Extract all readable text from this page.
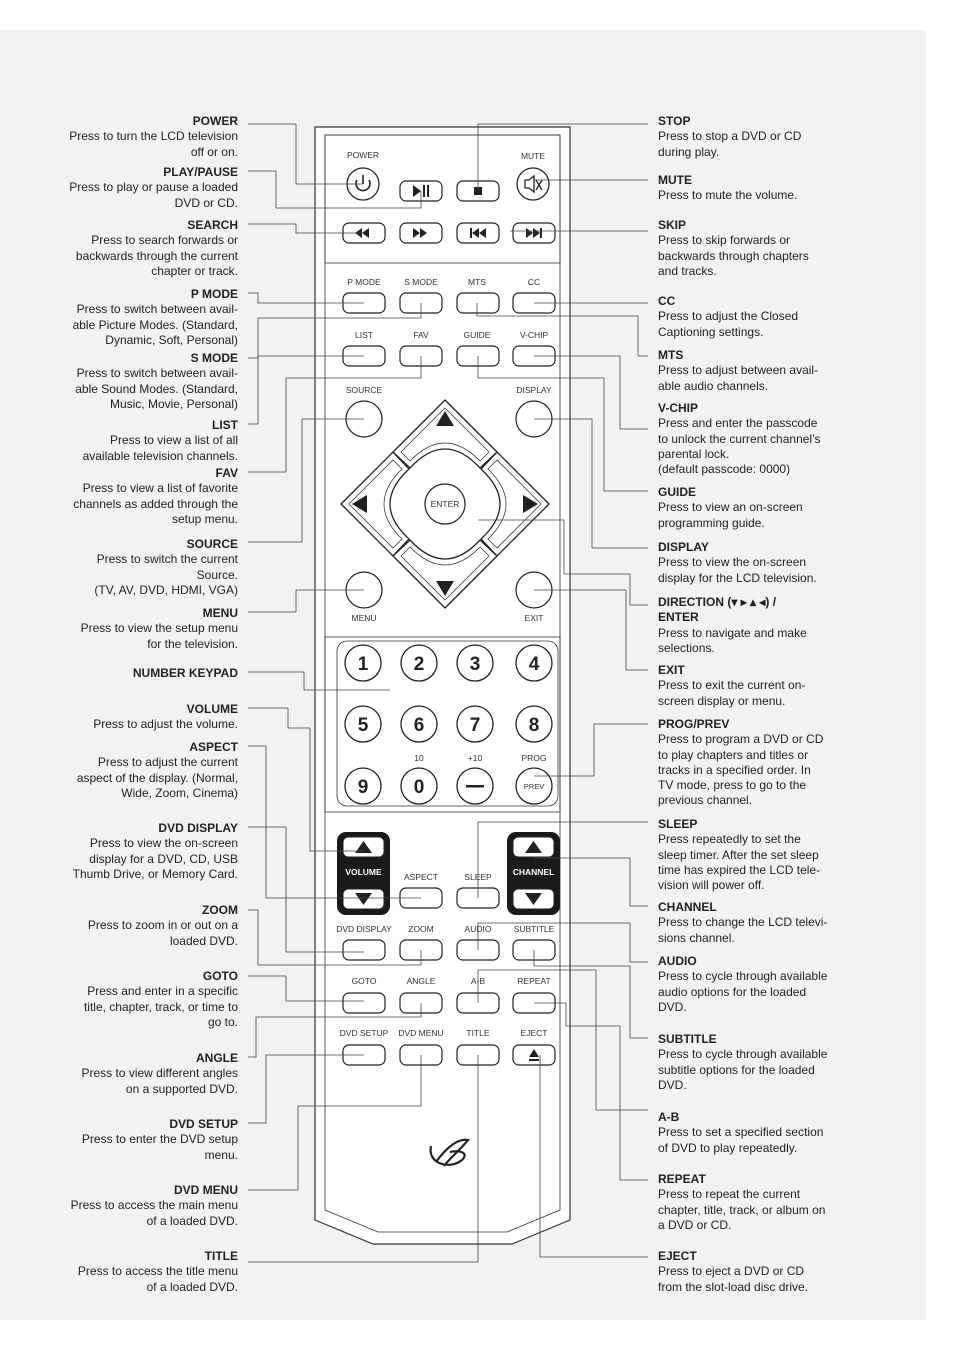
POWER	MUTE
P MODE	S MODE	MTS	CC
LIST	FAV	GUIDE	V-CHIP
SOURCE	DISPLAY
ENTER
MENU	EXIT
1 2 3	4
5 6 7	8
9 0	PREV
10	+10	PROG
VOLUME	CHANNEL
ASPECT	SLEEP
DVD DISPLAY ZOOM	AUDIO	SUBTITLE
GOTO	ANGLE	A-B	REPEAT
DVD SETUP DVD MENU	TITLE	EJECT
POWER
Press to turn the LCD television
off or on.
PLAY/PAUSE
Press to play or pause a loaded
DVD or CD.
SEARCH
Press to search forwards or
backwards through the current
chapter or track.
P MODE
Press to switch between avail-
able Picture Modes. (Standard,
Dynamic, Soft, Personal)
S MODE
Press to switch between avail-
able Sound Modes. (Standard,
Music, Movie, Personal)
LIST
Press to view a list of all
available television channels.
FAV
Press to view a list of favorite
channels as added through the
setup menu.
SOURCE
Press to switch the current
Source.
(TV, AV, DVD, HDMI, VGA)
MENU
Press to view the setup menu
for the television.
NUMBER KEYPAD
VOLUME
Press to adjust the volume.
ASPECT
Press to adjust the current
aspect of the display. (Normal,
Wide, Zoom, Cinema)
DVD DISPLAY
Press to view the on-screen
display for a DVD, CD, USB
Thumb Drive, or Memory Card.
ZOOM
Press to zoom in or out on a
loaded DVD.
GOTO
Press and enter in a specific
title, chapter, track, or time to
go to.
ANGLE
Press to view different angles
on a supported DVD.
DVD SETUP
Press to enter the DVD setup
menu.
DVD MENU
Press to access the main menu
of a loaded DVD.
TITLE
Press to access the title menu
of a loaded DVD.
STOP
Press to stop a DVD or CD
during play.
MUTE
Press to mute the volume.
SKIP
Press to skip forwards or
backwards through chapters
and tracks.
CC
Press to adjust the Closed
Captioning settings.
MTS
Press to adjust between avail-
able audio channels.
V-CHIP
Press and enter the passcode
to unlock the current channel’s
parental lock.
(default passcode: 0000)
GUIDE
Press to view an on-screen
programming guide.
DISPLAY
Press to view the on-screen
display for the LCD television.
DIRECTION (▾ ▸ ▴ ◂) /
ENTER
Press to navigate and make
selections.
EXIT
Press to exit the current on-
screen display or menu.
PROG/PREV
Press to program a DVD or CD
to play chapters and titles or
tracks in a specified order. In
TV mode, press to go to the
previous channel.
SLEEP
Press repeatedly to set the
sleep timer. After the set sleep
time has expired the LCD tele-
vision will power off.
CHANNEL
Press to change the LCD televi-
sions channel.
AUDIO
Press to cycle through available
audio options for the loaded
DVD.
SUBTITLE
Press to cycle through available
subtitle options for the loaded
DVD.
A-B
Press to set a specified section
of DVD to play repeatedly.
REPEAT
Press to repeat the current
chapter, title, track, or album on
a DVD or CD.
EJECT
Press to eject a DVD or CD
from the slot-load disc drive.
